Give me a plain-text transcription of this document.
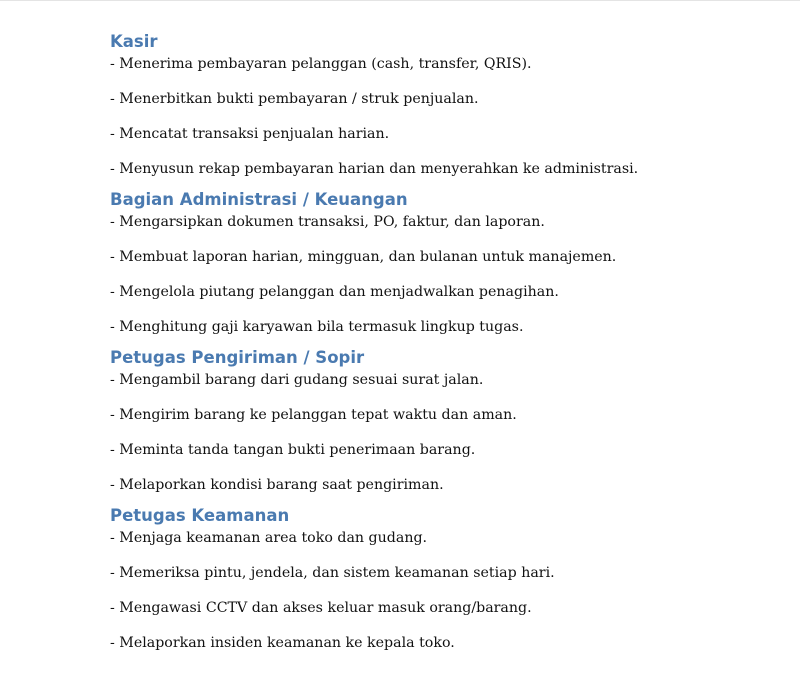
Kasir

- Menerima pembayaran pelanggan (cash, transfer, QRIS).

- Menerbitkan bukti pembayaran / struk penjualan.

- Mencatat transaksi penjualan harian.

- Menyusun rekap pembayaran harian dan menyerahkan ke administrasi.

Bagian Administrasi / Keuangan

- Mengarsipkan dokumen transaksi, PO, faktur, dan laporan.

- Membuat laporan harian, mingguan, dan bulanan untuk manajemen.

- Mengelola piutang pelanggan dan menjadwalkan penagihan.

- Menghitung gaji karyawan bila termasuk lingkup tugas.

Petugas Pengiriman / Sopir

- Mengambil barang dari gudang sesuai surat jalan.

- Mengirim barang ke pelanggan tepat waktu dan aman.

- Meminta tanda tangan bukti penerimaan barang.

- Melaporkan kondisi barang saat pengiriman.

Petugas Keamanan

- Menjaga keamanan area toko dan gudang.

- Memeriksa pintu, jendela, dan sistem keamanan setiap hari.

- Mengawasi CCTV dan akses keluar masuk orang/barang.

- Melaporkan insiden keamanan ke kepala toko.
